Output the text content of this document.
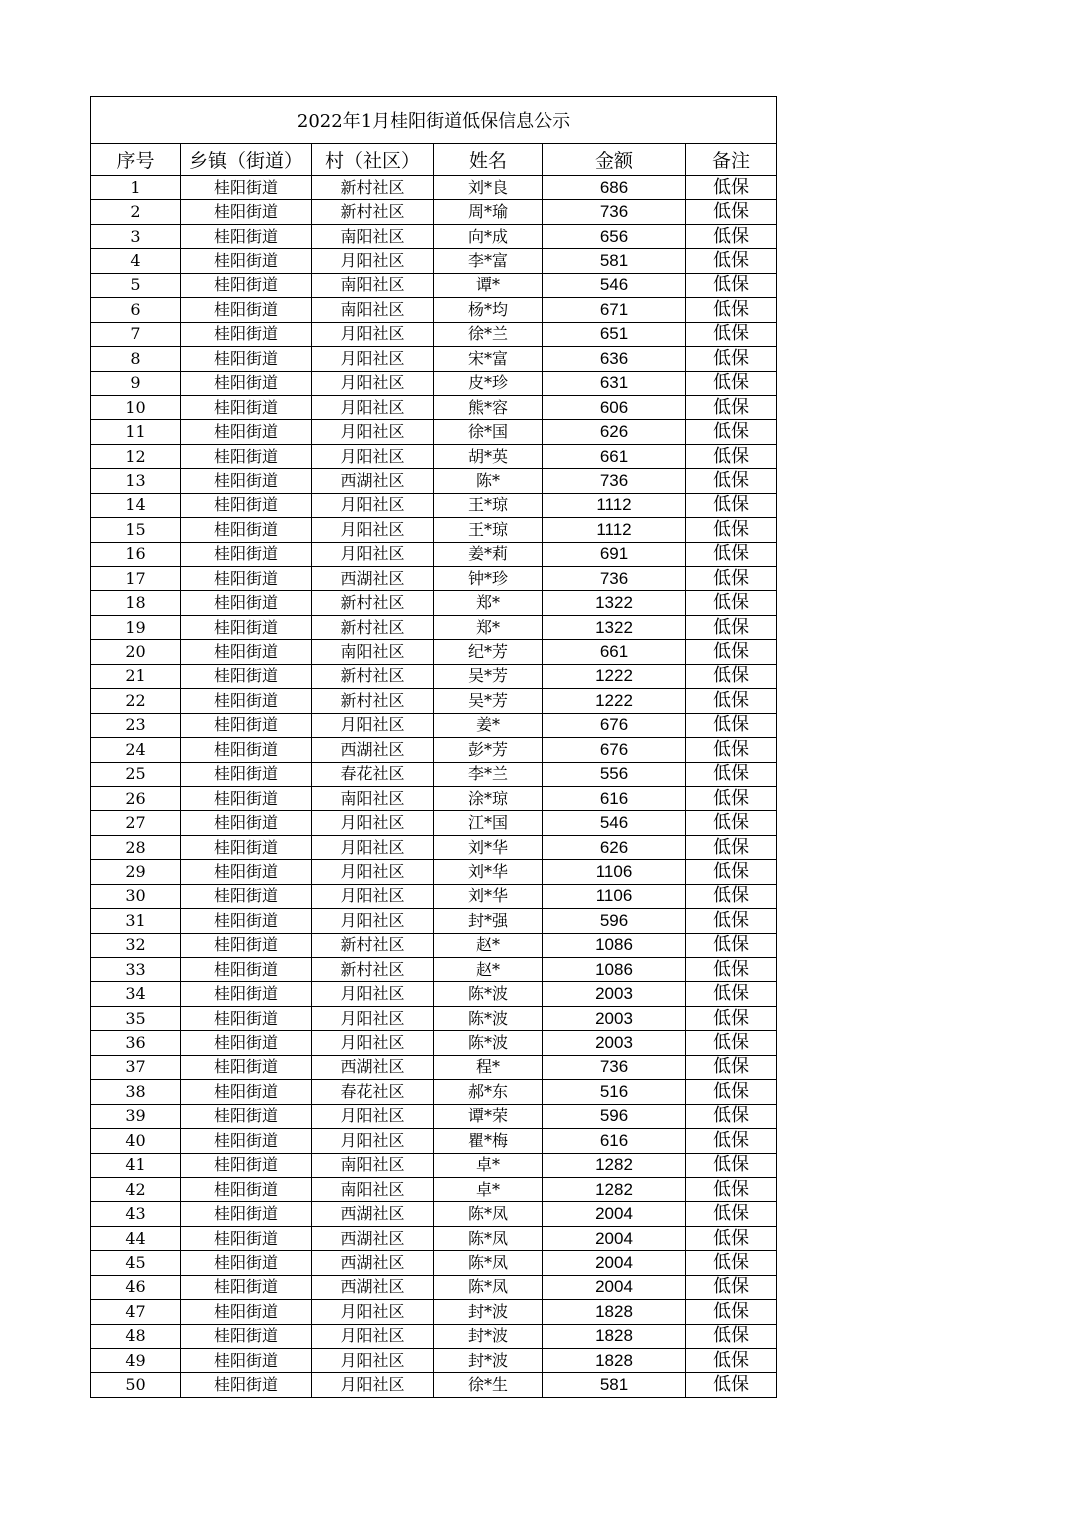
2022年1月桂阳街道低保信息公示					
序号	乡镇（街道）	村（社区）	姓名	金额	备注
1	桂阳街道	新村社区	刘*良	686	低保
2	桂阳街道	新村社区	周*瑜	736	低保
3	桂阳街道	南阳社区	向*成	656	低保
4	桂阳街道	月阳社区	李*富	581	低保
5	桂阳街道	南阳社区	谭*	546	低保
6	桂阳街道	南阳社区	杨*均	671	低保
7	桂阳街道	月阳社区	徐*兰	651	低保
8	桂阳街道	月阳社区	宋*富	636	低保
9	桂阳街道	月阳社区	皮*珍	631	低保
10	桂阳街道	月阳社区	熊*容	606	低保
11	桂阳街道	月阳社区	徐*国	626	低保
12	桂阳街道	月阳社区	胡*英	661	低保
13	桂阳街道	西湖社区	陈*	736	低保
14	桂阳街道	月阳社区	王*琼	1112	低保
15	桂阳街道	月阳社区	王*琼	1112	低保
16	桂阳街道	月阳社区	姜*莉	691	低保
17	桂阳街道	西湖社区	钟*珍	736	低保
18	桂阳街道	新村社区	郑*	1322	低保
19	桂阳街道	新村社区	郑*	1322	低保
20	桂阳街道	南阳社区	纪*芳	661	低保
21	桂阳街道	新村社区	吴*芳	1222	低保
22	桂阳街道	新村社区	吴*芳	1222	低保
23	桂阳街道	月阳社区	姜*	676	低保
24	桂阳街道	西湖社区	彭*芳	676	低保
25	桂阳街道	春花社区	李*兰	556	低保
26	桂阳街道	南阳社区	涂*琼	616	低保
27	桂阳街道	月阳社区	江*国	546	低保
28	桂阳街道	月阳社区	刘*华	626	低保
29	桂阳街道	月阳社区	刘*华	1106	低保
30	桂阳街道	月阳社区	刘*华	1106	低保
31	桂阳街道	月阳社区	封*强	596	低保
32	桂阳街道	新村社区	赵*	1086	低保
33	桂阳街道	新村社区	赵*	1086	低保
34	桂阳街道	月阳社区	陈*波	2003	低保
35	桂阳街道	月阳社区	陈*波	2003	低保
36	桂阳街道	月阳社区	陈*波	2003	低保
37	桂阳街道	西湖社区	程*	736	低保
38	桂阳街道	春花社区	郝*东	516	低保
39	桂阳街道	月阳社区	谭*荣	596	低保
40	桂阳街道	月阳社区	瞿*梅	616	低保
41	桂阳街道	南阳社区	卓*	1282	低保
42	桂阳街道	南阳社区	卓*	1282	低保
43	桂阳街道	西湖社区	陈*凤	2004	低保
44	桂阳街道	西湖社区	陈*凤	2004	低保
45	桂阳街道	西湖社区	陈*凤	2004	低保
46	桂阳街道	西湖社区	陈*凤	2004	低保
47	桂阳街道	月阳社区	封*波	1828	低保
48	桂阳街道	月阳社区	封*波	1828	低保
49	桂阳街道	月阳社区	封*波	1828	低保
50	桂阳街道	月阳社区	徐*生	581	低保
